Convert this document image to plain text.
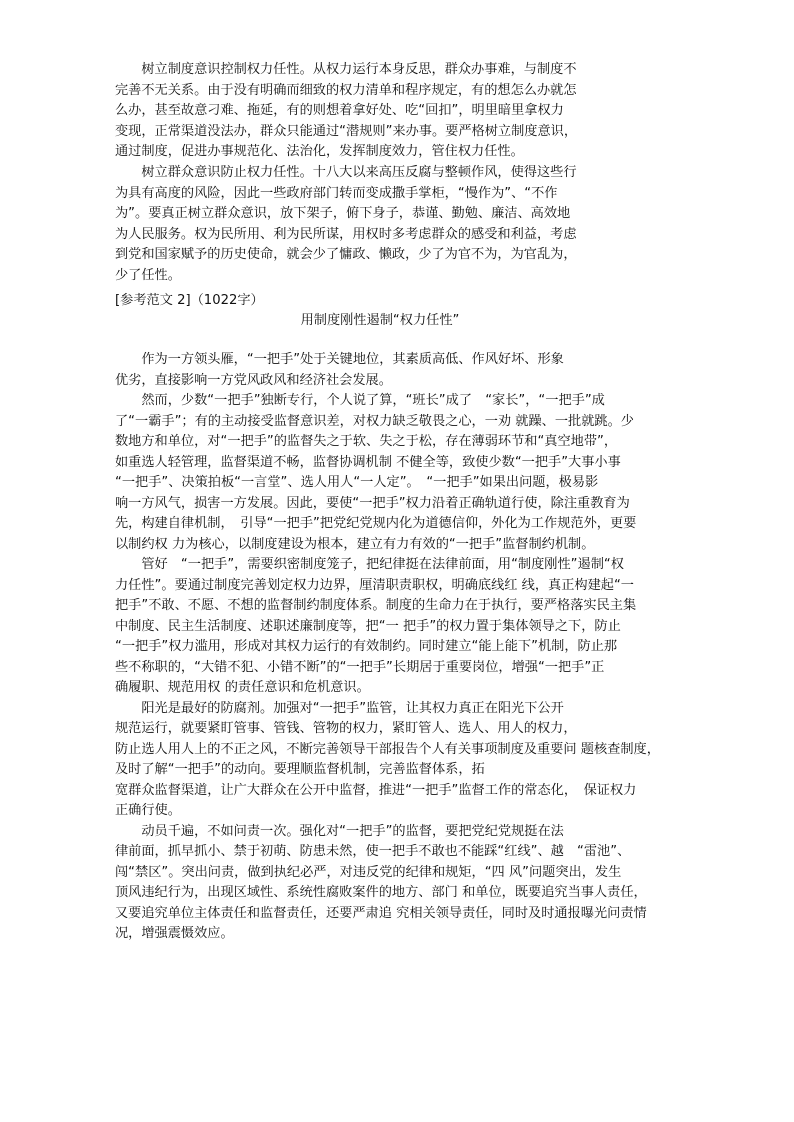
　　树立制度意识控制权力任性。从权力运行本身反思，群众办事难，与制度不
完善不无关系。由于没有明确而细致的权力清单和程序规定，有的想怎么办就怎
么办，甚至故意刁难、拖延，有的则想着拿好处、吃“回扣”，明里暗里拿权力
变现，正常渠道没法办，群众只能通过“潜规则”来办事。要严格树立制度意识，
通过制度，促进办事规范化、法治化，发挥制度效力，管住权力任性。
　　树立群众意识防止权力任性。十八大以来高压反腐与整顿作风，使得这些行
为具有高度的风险，因此一些政府部门转而变成撒手掌柜，“慢作为”、“不作
为”。要真正树立群众意识，放下架子，俯下身子，恭谨、勤勉、廉洁、高效地
为人民服务。权为民所用、利为民所谋，用权时多考虑群众的感受和利益，考虑
到党和国家赋予的历史使命，就会少了慵政、懒政，少了为官不为，为官乱为，
少了任性。
[参考范文 2]（1022字）
用制度刚性遏制“权力任性”
　　作为一方领头雁，“一把手”处于关键地位，其素质高低、作风好坏、形象
优劣，直接影响一方党风政风和经济社会发展。
　　然而，少数“一把手”独断专行，个人说了算，“班长”成了　“家长”，“一把手”成
了“一霸手”；有的主动接受监督意识差，对权力缺乏敬畏之心，一劝 就躁、一批就跳。少
数地方和单位，对“一把手”的监督失之于软、失之于松，存在薄弱环节和“真空地带”，
如重选人轻管理，监督渠道不畅，监督协调机制 不健全等，致使少数“一把手”大事小事
“一把手”、决策拍板“一言堂”、选人用人“一人定”。　“一把手”如果出问题，极易影
响一方风气，损害一方发展。因此，要使“一把手”权力沿着正确轨道行使，除注重教育为
先，构建自律机制，　引导“一把手”把党纪党规内化为道德信仰，外化为工作规范外，更要
以制约权 力为核心，以制度建设为根本，建立有力有效的“一把手”监督制约机制。
　　管好　“一把手”，需要织密制度笼子，把纪律挺在法律前面，用“制度刚性”遏制“权
力任性”。要通过制度完善划定权力边界，厘清职责职权，明确底线红 线，真正构建起“一
把手”不敢、不愿、不想的监督制约制度体系。制度的生命力在于执行，要严格落实民主集
中制度、民主生活制度、述职述廉制度等，把“一 把手”的权力置于集体领导之下，防止
“一把手”权力滥用，形成对其权力运行的有效制约。同时建立“能上能下”机制，防止那
些不称职的，“大错不犯、小错不断”的“一把手”长期居于重要岗位，增强“一把手”正
确履职、规范用权 的责任意识和危机意识。
　　阳光是最好的防腐剂。加强对“一把手”监管，让其权力真正在阳光下公开
规范运行，就要紧盯管事、管钱、管物的权力，紧盯管人、选人、用人的权力，
防止选人用人上的不正之风，不断完善领导干部报告个人有关事项制度及重要问 题核查制度，
及时了解“一把手”的动向。要理顺监督机制，完善监督体系，拓
宽群众监督渠道，让广大群众在公开中监督，推进“一把手”监督工作的常态化，　保证权力
正确行使。
　　动员千遍，不如问责一次。强化对“一把手”的监督，要把党纪党规挺在法
律前面，抓早抓小、禁于初萌、防患未然，使一把手不敢也不能踩“红线”、越　“雷池”、
闯“禁区”。突出问责，做到执纪必严，对违反党的纪律和规矩，“四 风”问题突出，发生
顶风违纪行为，出现区域性、系统性腐败案件的地方、部门 和单位，既要追究当事人责任，
又要追究单位主体责任和监督责任，还要严肃追 究相关领导责任，同时及时通报曝光问责情
况，增强震慑效应。
